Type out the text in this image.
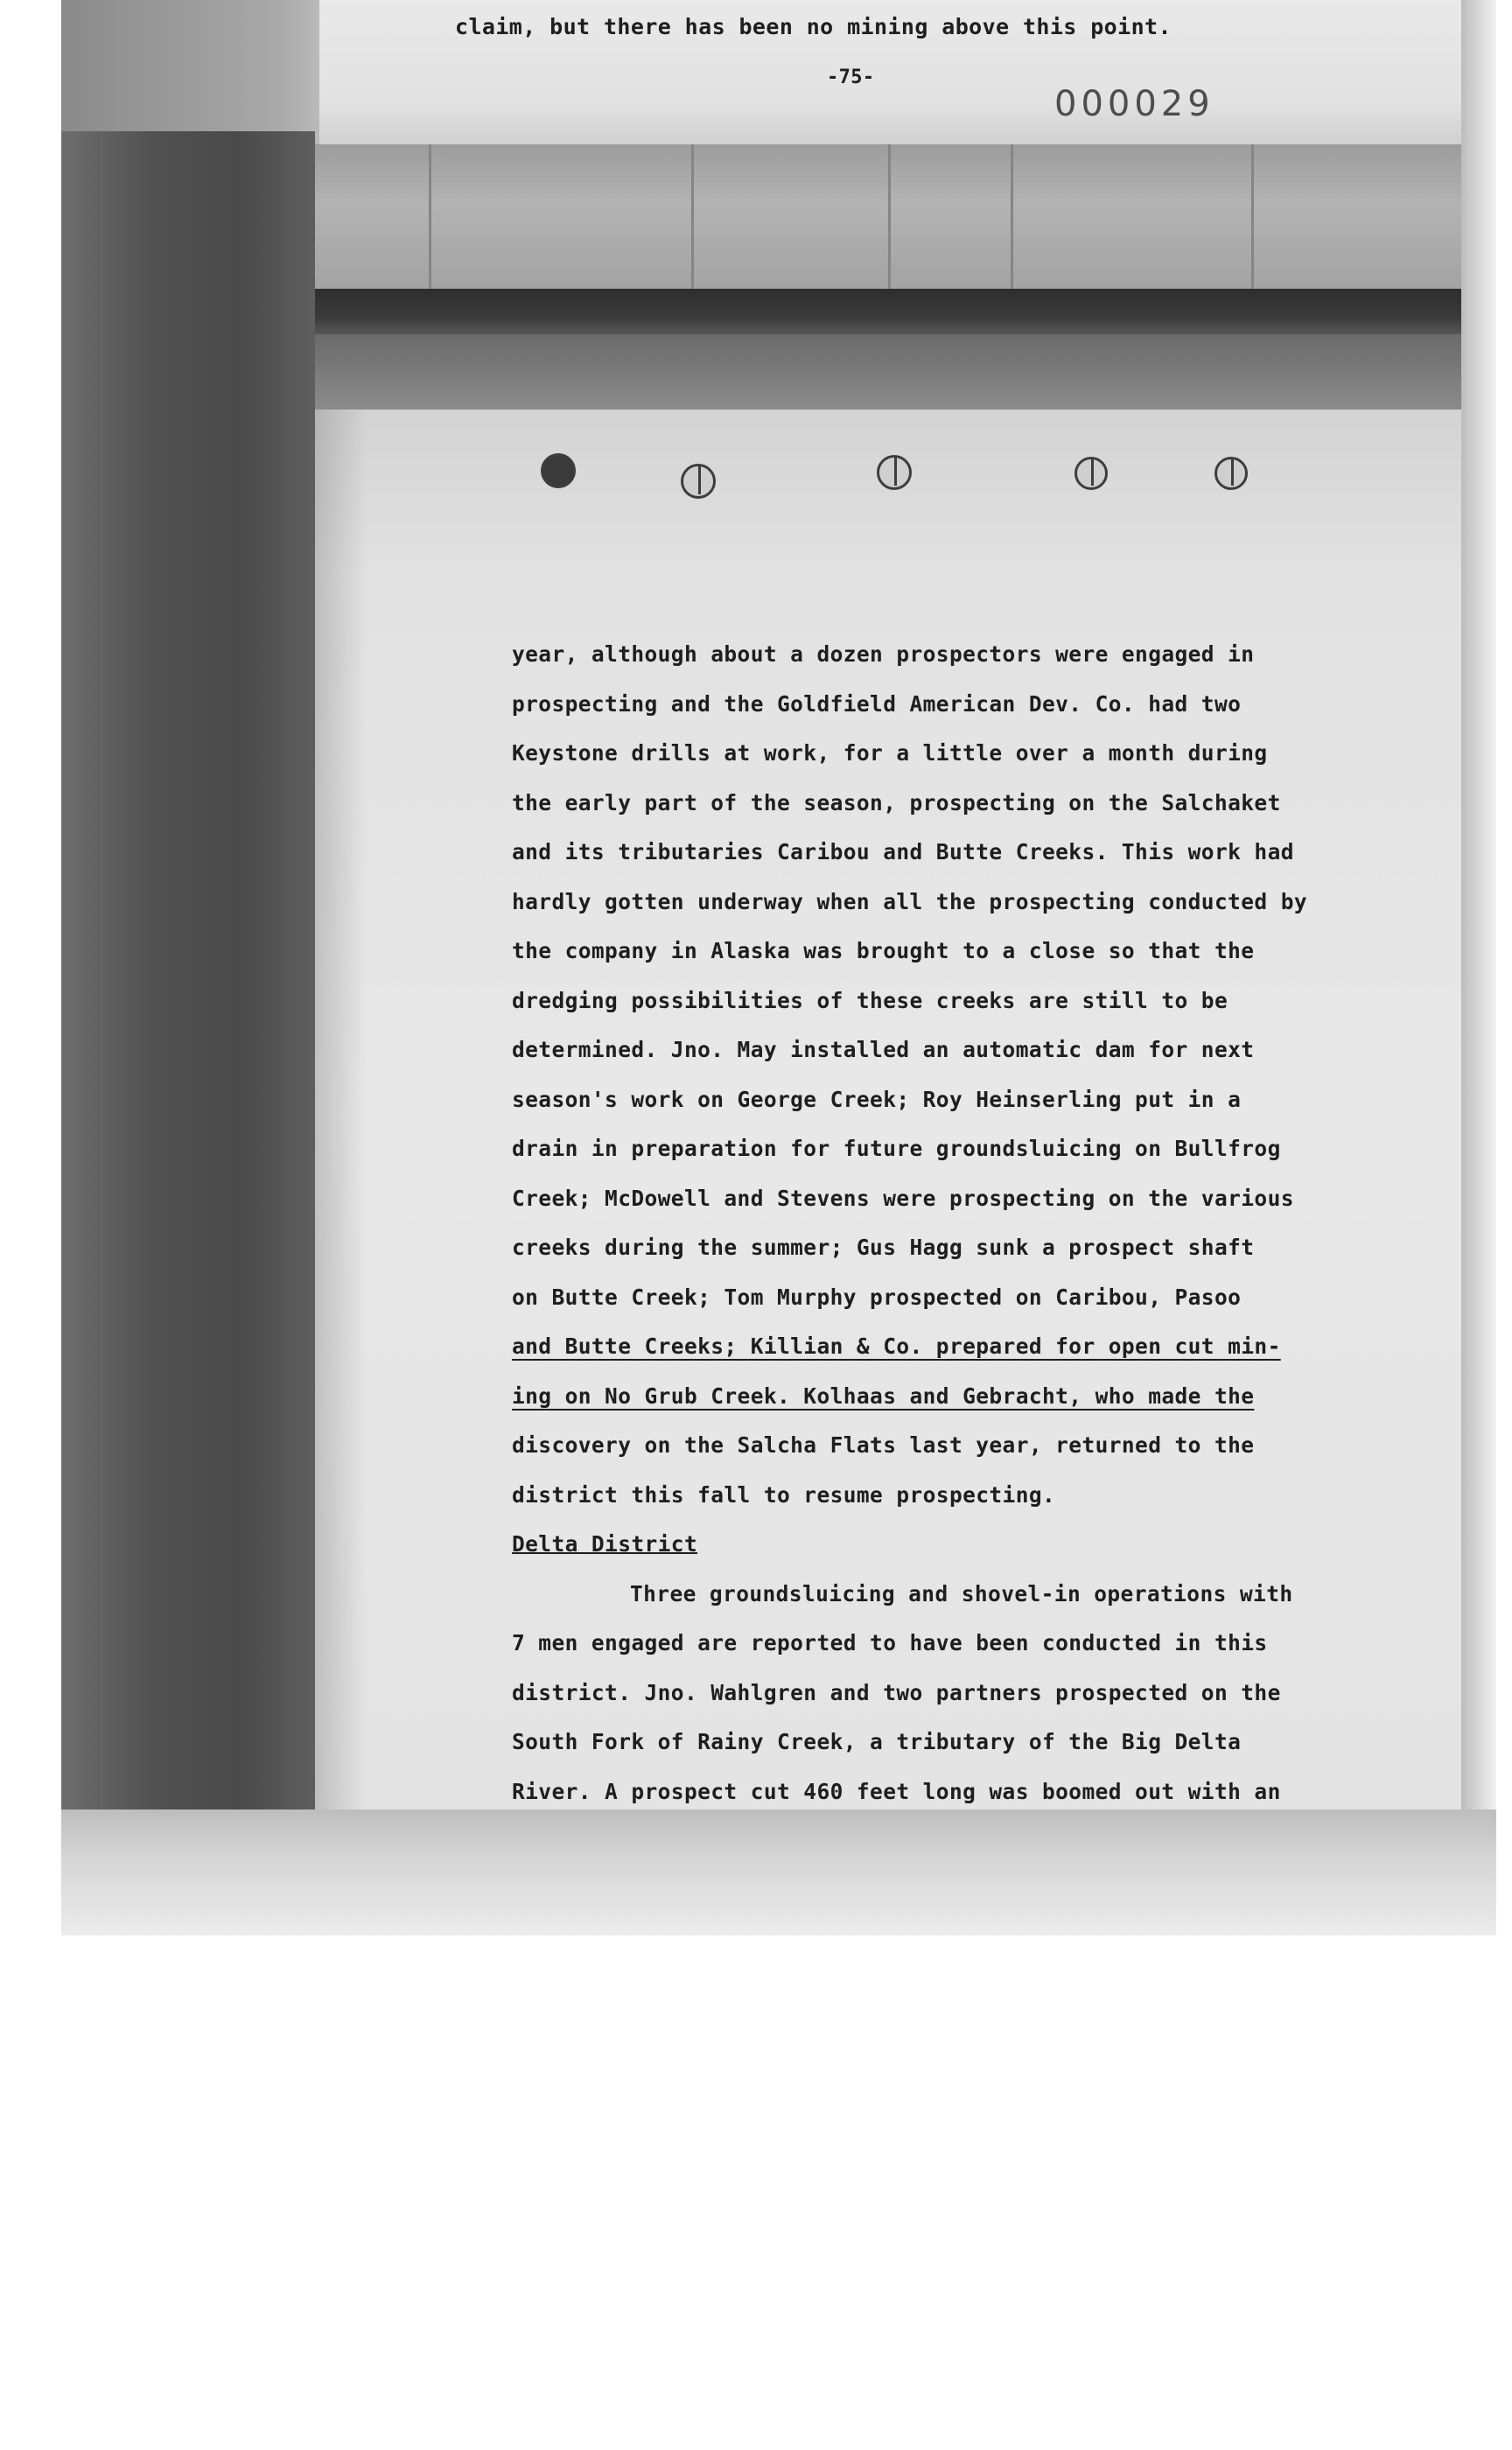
claim, but there has been no mining above this point.
-75-
000029
year, although about a dozen prospectors were engaged in
prospecting and the Goldfield American Dev. Co. had two
Keystone drills at work, for a little over a month during
the early part of the season, prospecting on the Salchaket
and its tributaries Caribou and Butte Creeks. This work had
hardly gotten underway when all the prospecting conducted by
the company in Alaska was brought to a close so that the
dredging possibilities of these creeks are still to be
determined. Jno. May installed an automatic dam for next
season's work on George Creek; Roy Heinserling put in a
drain in preparation for future groundsluicing on Bullfrog
Creek; McDowell and Stevens were prospecting on the various
creeks during the summer; Gus Hagg sunk a prospect shaft
on Butte Creek; Tom Murphy prospected on Caribou, Pasoo
and Butte Creeks; Killian & Co. prepared for open cut min-
ing on No Grub Creek. Kolhaas and Gebracht, who made the
discovery on the Salcha Flats last year, returned to the
district this fall to resume prospecting.
Delta District
Three groundsluicing and shovel-in operations with
7 men engaged are reported to have been conducted in this
district. Jno. Wahlgren and two partners prospected on the
South Fork of Rainy Creek, a tributary of the Big Delta
River. A prospect cut 460 feet long was boomed out with an
